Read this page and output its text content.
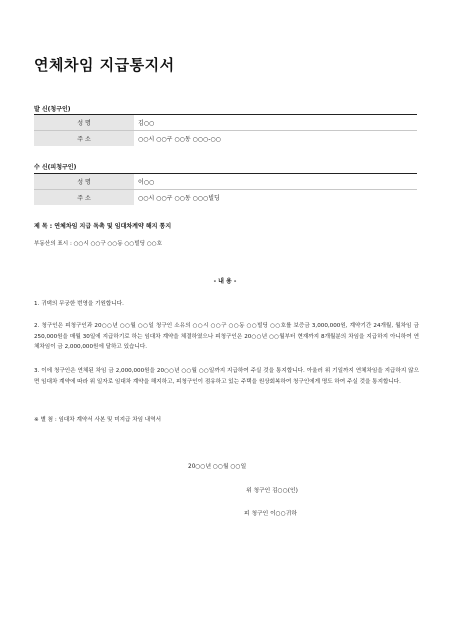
연체차임 지급통지서
발 신(청구인)
성 명	김○○
주 소	○○시 ○○구 ○○동 ○○○-○○
수 신(피청구인)
성 명	이○○
주 소	○○시 ○○구 ○○동 ○○○빌딩
제 목 : 연체차임 지급 독촉 및 임대차계약 해지 통지
부동산의 표시 : ○○시 ○○구 ○○동 ○○빌딩 ○○호
- 내 용 -
1. 귀댁의 무궁한 번영을 기원합니다.
2. 청구인은 피청구인과 20○○년 ○○월 ○○일 청구인 소유의 ○○시 ○○구 ○○동 ○○빌딩 ○○호를 보증금 3,000,000원, 계약기간 24개월, 월차임 금 250,000원을 매월 30일에 지급하기로 하는 임대차 계약을 체결하였으나 피청구인은 20○○년 ○○월부터 현재까지 8개월분의 차임을 지급하지 아니하여 연체차임이 금 2,000,000원에 달하고 있습니다.
3. 이에 청구인은 연체된 차임 금 2,000,000원을 20○○년 ○○월 ○○일까지 지급하여 주실 것을 통지합니다. 아울러 위 기일까지 연체차임을 지급하지 않으면 임대차 계약에 따라 위 일자로 임대차 계약을 해지하고, 피청구인이 점유하고 있는 주택을 원상회복하여 청구인에게 명도 하여 주실 것을 통지합니다.
※ 별 첨 : 임대차 계약서 사본 및 미지급 차임 내역서
20○○년 ○○월 ○○일
위 청구인 김○○(인)
피 청구인 이○○귀하
